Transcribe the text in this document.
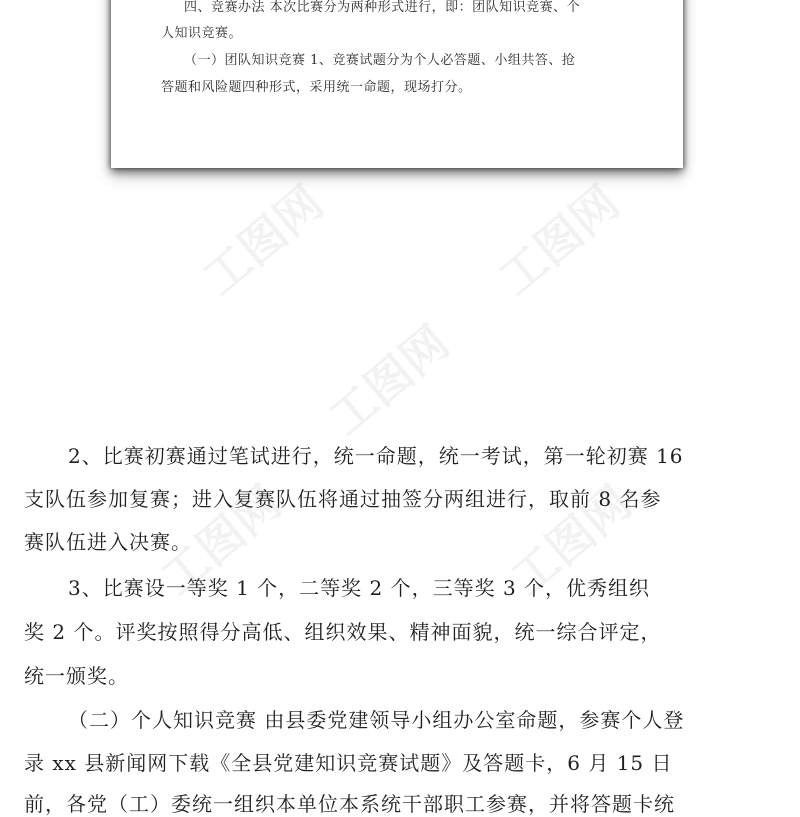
四、竞赛办法 本次比赛分为两种形式进行，即：团队知识竞赛、个

人知识竞赛。

（一）团队知识竞赛 1、竞赛试题分为个人必答题、小组共答、抢

答题和风险题四种形式，采用统一命题，现场打分。

工图网	工图网
工图网
工图网	工图网

2、比赛初赛通过笔试进行，统一命题，统一考试，第一轮初赛 16

支队伍参加复赛；进入复赛队伍将通过抽签分两组进行，取前 8 名参

赛队伍进入决赛。

3、比赛设一等奖 1 个，二等奖 2 个，三等奖 3 个，优秀组织

奖 2 个。评奖按照得分高低、组织效果、精神面貌，统一综合评定，

统一颁奖。

（二）个人知识竞赛 由县委党建领导小组办公室命题，参赛个人登

录 xx 县新闻网下载《全县党建知识竞赛试题》及答题卡，6 月 15 日

前，各党（工）委统一组织本单位本系统干部职工参赛，并将答题卡统
